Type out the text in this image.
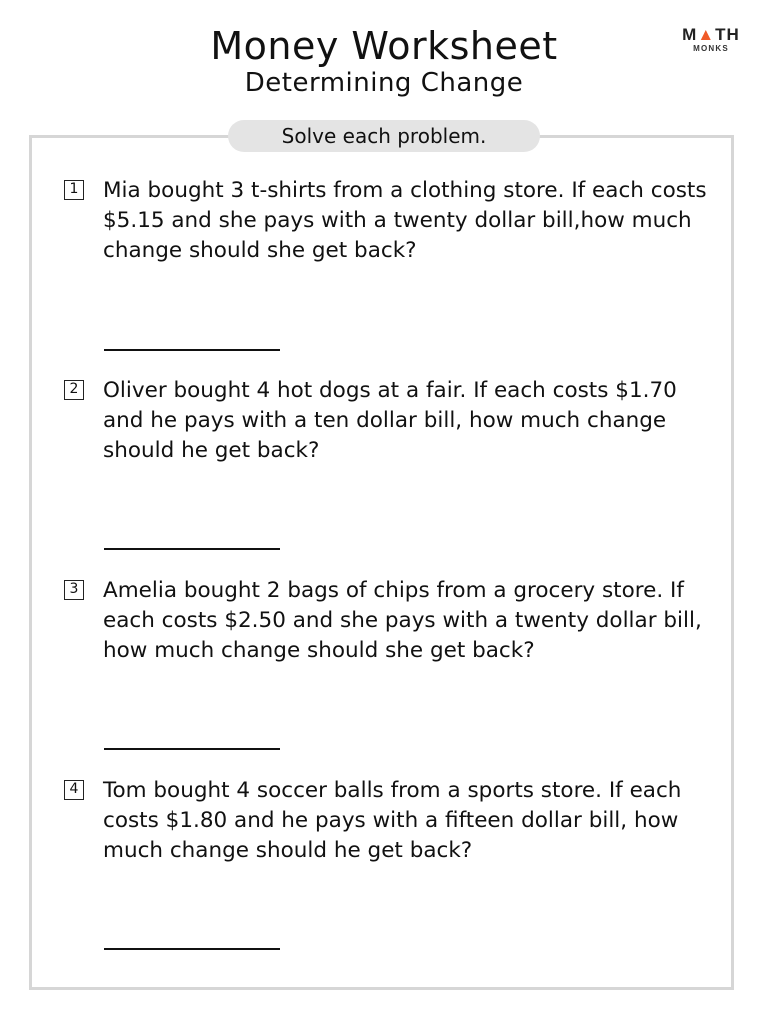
Money Worksheet
Determining Change
M▲TH
MONKS
Solve each problem.
1 Mia bought 3 t-shirts from a clothing store. If each costs
$5.15 and she pays with a twenty dollar bill,how much
change should she get back?
2 Oliver bought 4 hot dogs at a fair. If each costs $1.70
and he pays with a ten dollar bill, how much change
should he get back?
3 Amelia bought 2 bags of chips from a grocery store. If
each costs $2.50 and she pays with a twenty dollar bill,
how much change should she get back?
4 Tom bought 4 soccer balls from a sports store. If each
costs $1.80 and he pays with a fifteen dollar bill, how
much change should he get back?
